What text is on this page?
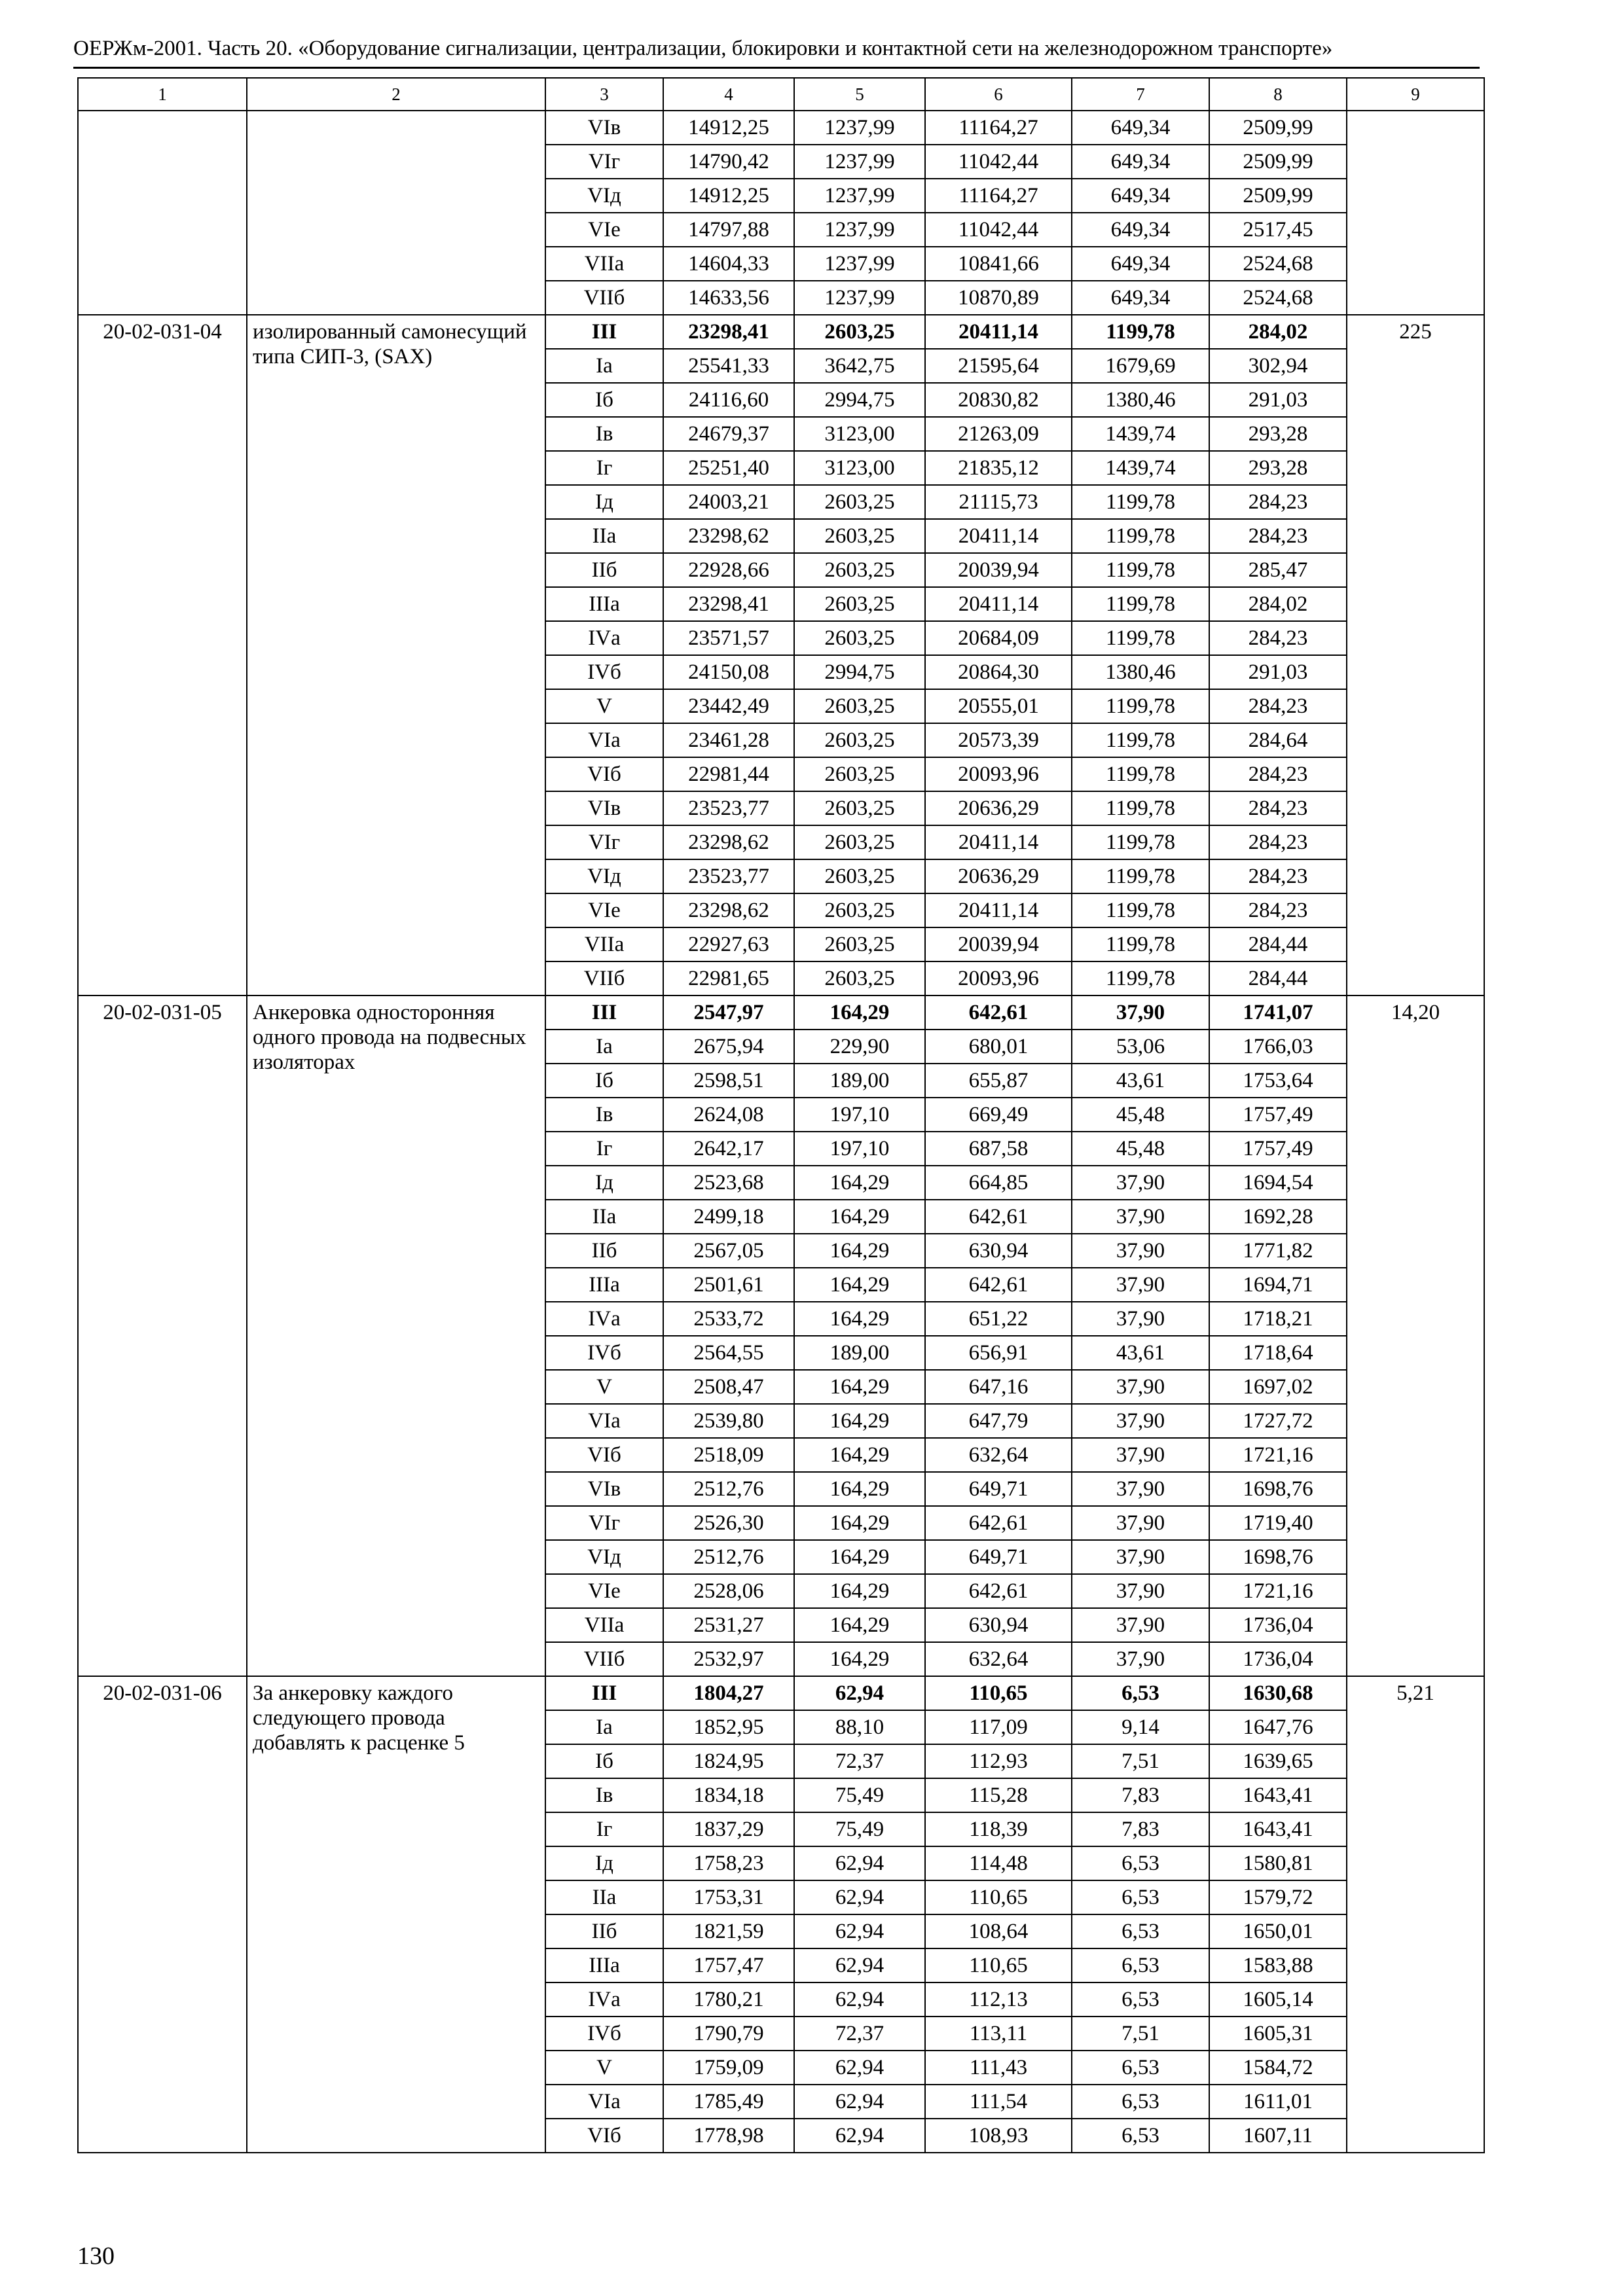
ОЕРЖм-2001. Часть 20. «Оборудование сигнализации, централизации, блокировки и контактной сети на железнодорожном транспорте»
1	2	3	4	5	6	7	8	9
		VIв	14912,25	1237,99	11164,27	649,34	2509,99	
		VIг	14790,42	1237,99	11042,44	649,34	2509,99	
		VIд	14912,25	1237,99	11164,27	649,34	2509,99	
		VIе	14797,88	1237,99	11042,44	649,34	2517,45	
		VIIа	14604,33	1237,99	10841,66	649,34	2524,68	
		VIIб	14633,56	1237,99	10870,89	649,34	2524,68	
20-02-031-04	изолированный самонесущий типа СИП-3, (SAX)	III	23298,41	2603,25	20411,14	1199,78	284,02	225
		Iа	25541,33	3642,75	21595,64	1679,69	302,94	
		Iб	24116,60	2994,75	20830,82	1380,46	291,03	
		Iв	24679,37	3123,00	21263,09	1439,74	293,28	
		Iг	25251,40	3123,00	21835,12	1439,74	293,28	
		Iд	24003,21	2603,25	21115,73	1199,78	284,23	
		IIа	23298,62	2603,25	20411,14	1199,78	284,23	
		IIб	22928,66	2603,25	20039,94	1199,78	285,47	
		IIIа	23298,41	2603,25	20411,14	1199,78	284,02	
		IVа	23571,57	2603,25	20684,09	1199,78	284,23	
		IVб	24150,08	2994,75	20864,30	1380,46	291,03	
		V	23442,49	2603,25	20555,01	1199,78	284,23	
		VIа	23461,28	2603,25	20573,39	1199,78	284,64	
		VIб	22981,44	2603,25	20093,96	1199,78	284,23	
		VIв	23523,77	2603,25	20636,29	1199,78	284,23	
		VIг	23298,62	2603,25	20411,14	1199,78	284,23	
		VIд	23523,77	2603,25	20636,29	1199,78	284,23	
		VIе	23298,62	2603,25	20411,14	1199,78	284,23	
		VIIа	22927,63	2603,25	20039,94	1199,78	284,44	
		VIIб	22981,65	2603,25	20093,96	1199,78	284,44	
20-02-031-05	Анкеровка односторонняя одного провода на подвесных изоляторах	III	2547,97	164,29	642,61	37,90	1741,07	14,20
		Iа	2675,94	229,90	680,01	53,06	1766,03	
		Iб	2598,51	189,00	655,87	43,61	1753,64	
		Iв	2624,08	197,10	669,49	45,48	1757,49	
		Iг	2642,17	197,10	687,58	45,48	1757,49	
		Iд	2523,68	164,29	664,85	37,90	1694,54	
		IIа	2499,18	164,29	642,61	37,90	1692,28	
		IIб	2567,05	164,29	630,94	37,90	1771,82	
		IIIа	2501,61	164,29	642,61	37,90	1694,71	
		IVа	2533,72	164,29	651,22	37,90	1718,21	
		IVб	2564,55	189,00	656,91	43,61	1718,64	
		V	2508,47	164,29	647,16	37,90	1697,02	
		VIа	2539,80	164,29	647,79	37,90	1727,72	
		VIб	2518,09	164,29	632,64	37,90	1721,16	
		VIв	2512,76	164,29	649,71	37,90	1698,76	
		VIг	2526,30	164,29	642,61	37,90	1719,40	
		VIд	2512,76	164,29	649,71	37,90	1698,76	
		VIе	2528,06	164,29	642,61	37,90	1721,16	
		VIIа	2531,27	164,29	630,94	37,90	1736,04	
		VIIб	2532,97	164,29	632,64	37,90	1736,04	
20-02-031-06	За анкеровку каждого следующего провода добавлять к расценке 5	III	1804,27	62,94	110,65	6,53	1630,68	5,21
		Iа	1852,95	88,10	117,09	9,14	1647,76	
		Iб	1824,95	72,37	112,93	7,51	1639,65	
		Iв	1834,18	75,49	115,28	7,83	1643,41	
		Iг	1837,29	75,49	118,39	7,83	1643,41	
		Iд	1758,23	62,94	114,48	6,53	1580,81	
		IIа	1753,31	62,94	110,65	6,53	1579,72	
		IIб	1821,59	62,94	108,64	6,53	1650,01	
		IIIа	1757,47	62,94	110,65	6,53	1583,88	
		IVа	1780,21	62,94	112,13	6,53	1605,14	
		IVб	1790,79	72,37	113,11	7,51	1605,31	
		V	1759,09	62,94	111,43	6,53	1584,72	
		VIа	1785,49	62,94	111,54	6,53	1611,01	
		VIб	1778,98	62,94	108,93	6,53	1607,11	
130
